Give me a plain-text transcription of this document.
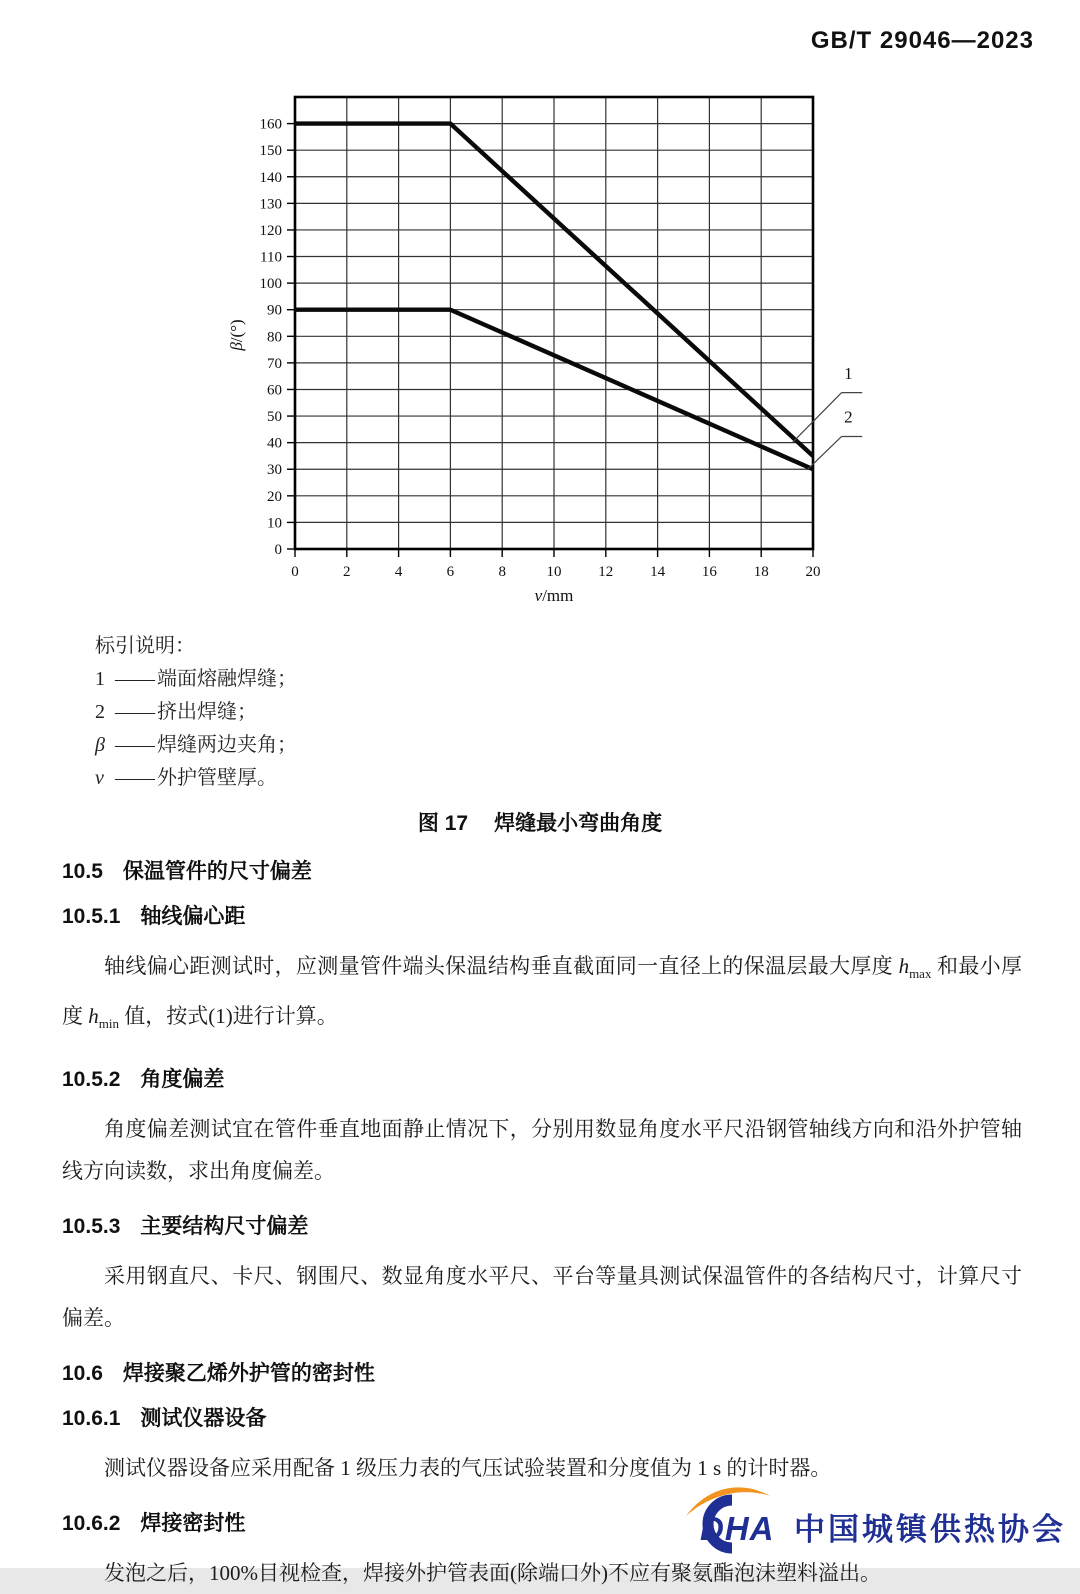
GB/T 29046—2023
0	2	4	6	8	10 12 14 16 18 20
0
10
20
30
40
50
60
70
80
90
100
110
120
130
140
150
160
β/(°)
v/mm
1
2
标引说明：
1 —— 端面熔融焊缝；
2 —— 挤出焊缝；
β —— 焊缝两边夹角；
v —— 外护管壁厚。
图 17 焊缝最小弯曲角度
10.5 保温管件的尺寸偏差
10.5.1 轴线偏心距

轴线偏心距测试时，应测量管件端头保温结构垂直截面同一直径上的保温层最大厚度 $h_{max}$ 和最小厚度 $h_{min}$ 值，按式(1)进行计算。

10.5.2 角度偏差

角度偏差测试宜在管件垂直地面静止情况下，分别用数显角度水平尺沿钢管轴线方向和沿外护管轴线方向读数，求出角度偏差。

10.5.3 主要结构尺寸偏差

采用钢直尺、卡尺、钢围尺、数显角度水平尺、平台等量具测试保温管件的各结构尺寸，计算尺寸偏差。

10.6 焊接聚乙烯外护管的密封性
10.6.1 测试仪器设备

测试仪器设备应采用配备 1 级压力表的气压试验装置和分度值为 1 s 的计时器。

10.6.2 焊接密封性

发泡之后，100%目视检查，焊接外护管表面(除端口外)不应有聚氨酯泡沫塑料溢出。

DHA 中国城镇供热协会
